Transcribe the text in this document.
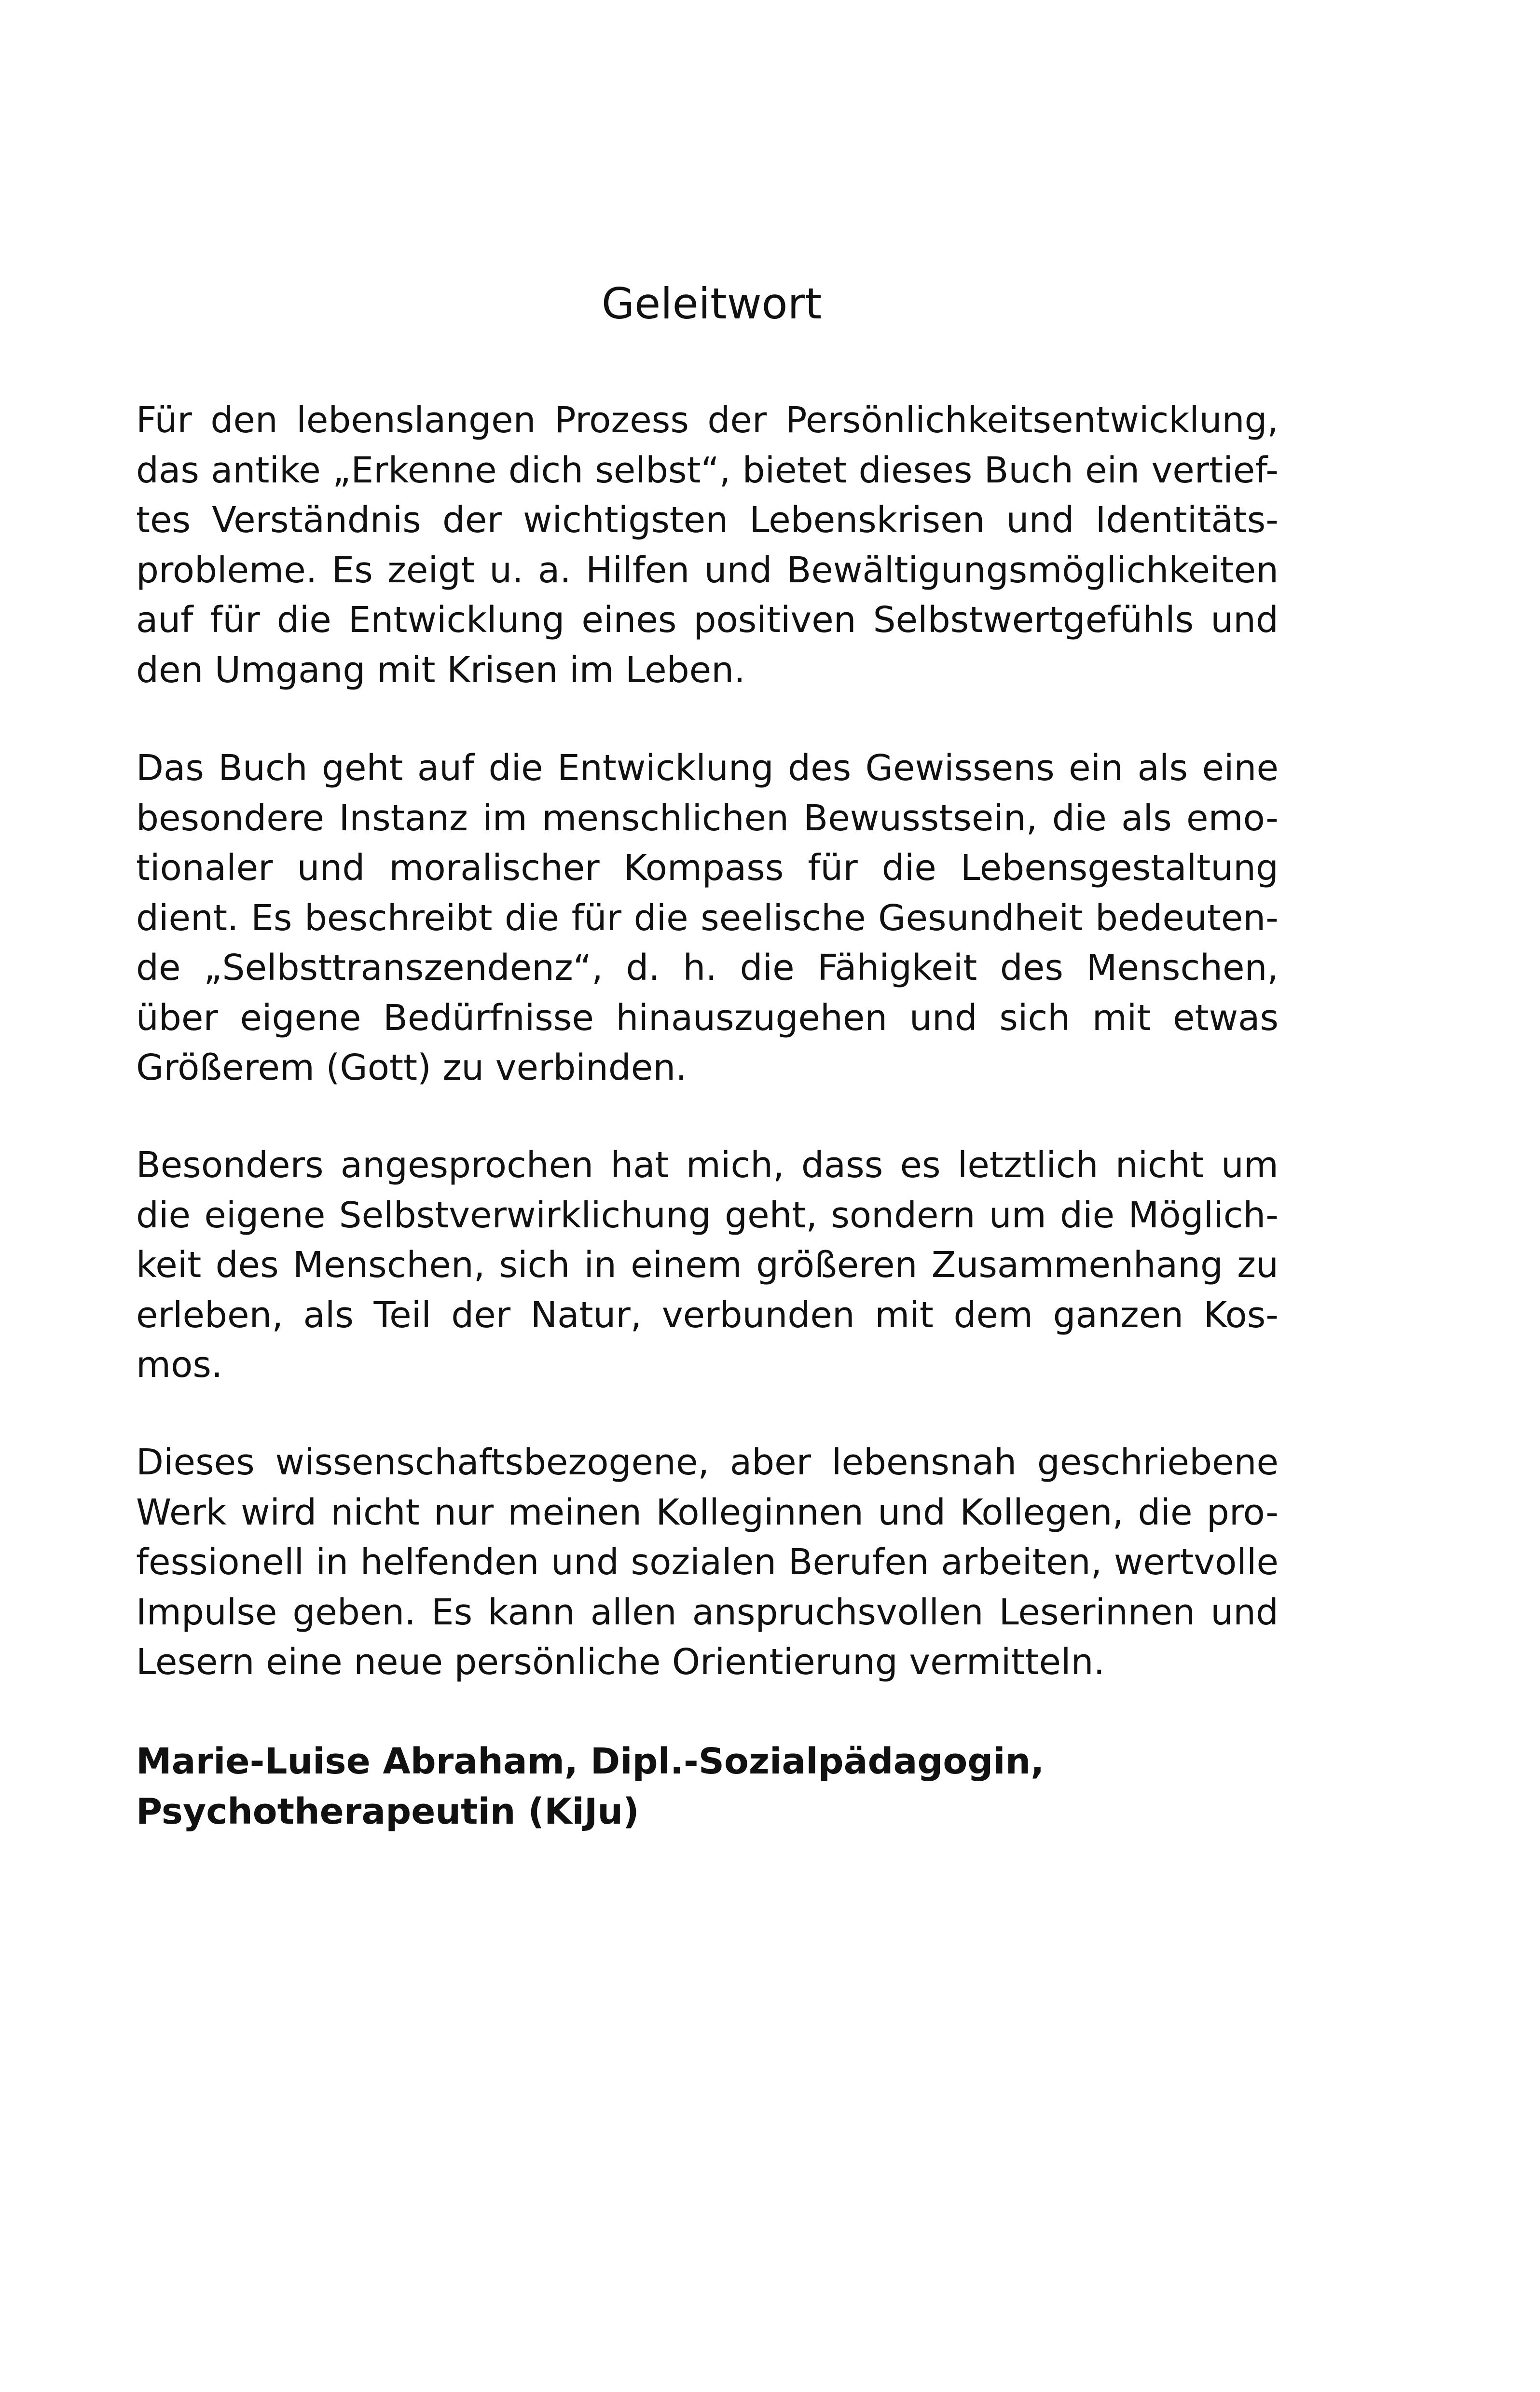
Geleitwort

Für den lebenslangen Prozess der Persönlichkeitsentwicklung,
das antike „Erkenne dich selbst“, bietet dieses Buch ein vertief-
tes Verständnis der wichtigsten Lebenskrisen und Identitäts-
probleme. Es zeigt u. a. Hilfen und Bewältigungsmöglichkeiten
auf für die Entwicklung eines positiven Selbstwertgefühls und
den Umgang mit Krisen im Leben.

Das Buch geht auf die Entwicklung des Gewissens ein als eine
besondere Instanz im menschlichen Bewusstsein, die als emo-
tionaler und moralischer Kompass für die Lebensgestaltung
dient. Es beschreibt die für die seelische Gesundheit bedeuten-
de „Selbsttranszendenz“, d. h. die Fähigkeit des Menschen,
über eigene Bedürfnisse hinauszugehen und sich mit etwas
Größerem (Gott) zu verbinden.

Besonders angesprochen hat mich, dass es letztlich nicht um
die eigene Selbstverwirklichung geht, sondern um die Möglich-
keit des Menschen, sich in einem größeren Zusammenhang zu
erleben, als Teil der Natur, verbunden mit dem ganzen Kos-
mos.

Dieses wissenschaftsbezogene, aber lebensnah geschriebene
Werk wird nicht nur meinen Kolleginnen und Kollegen, die pro-
fessionell in helfenden und sozialen Berufen arbeiten, wertvolle
Impulse geben. Es kann allen anspruchsvollen Leserinnen und
Lesern eine neue persönliche Orientierung vermitteln.

Marie-Luise Abraham, Dipl.-Sozialpädagogin,
Psychotherapeutin (KiJu)
